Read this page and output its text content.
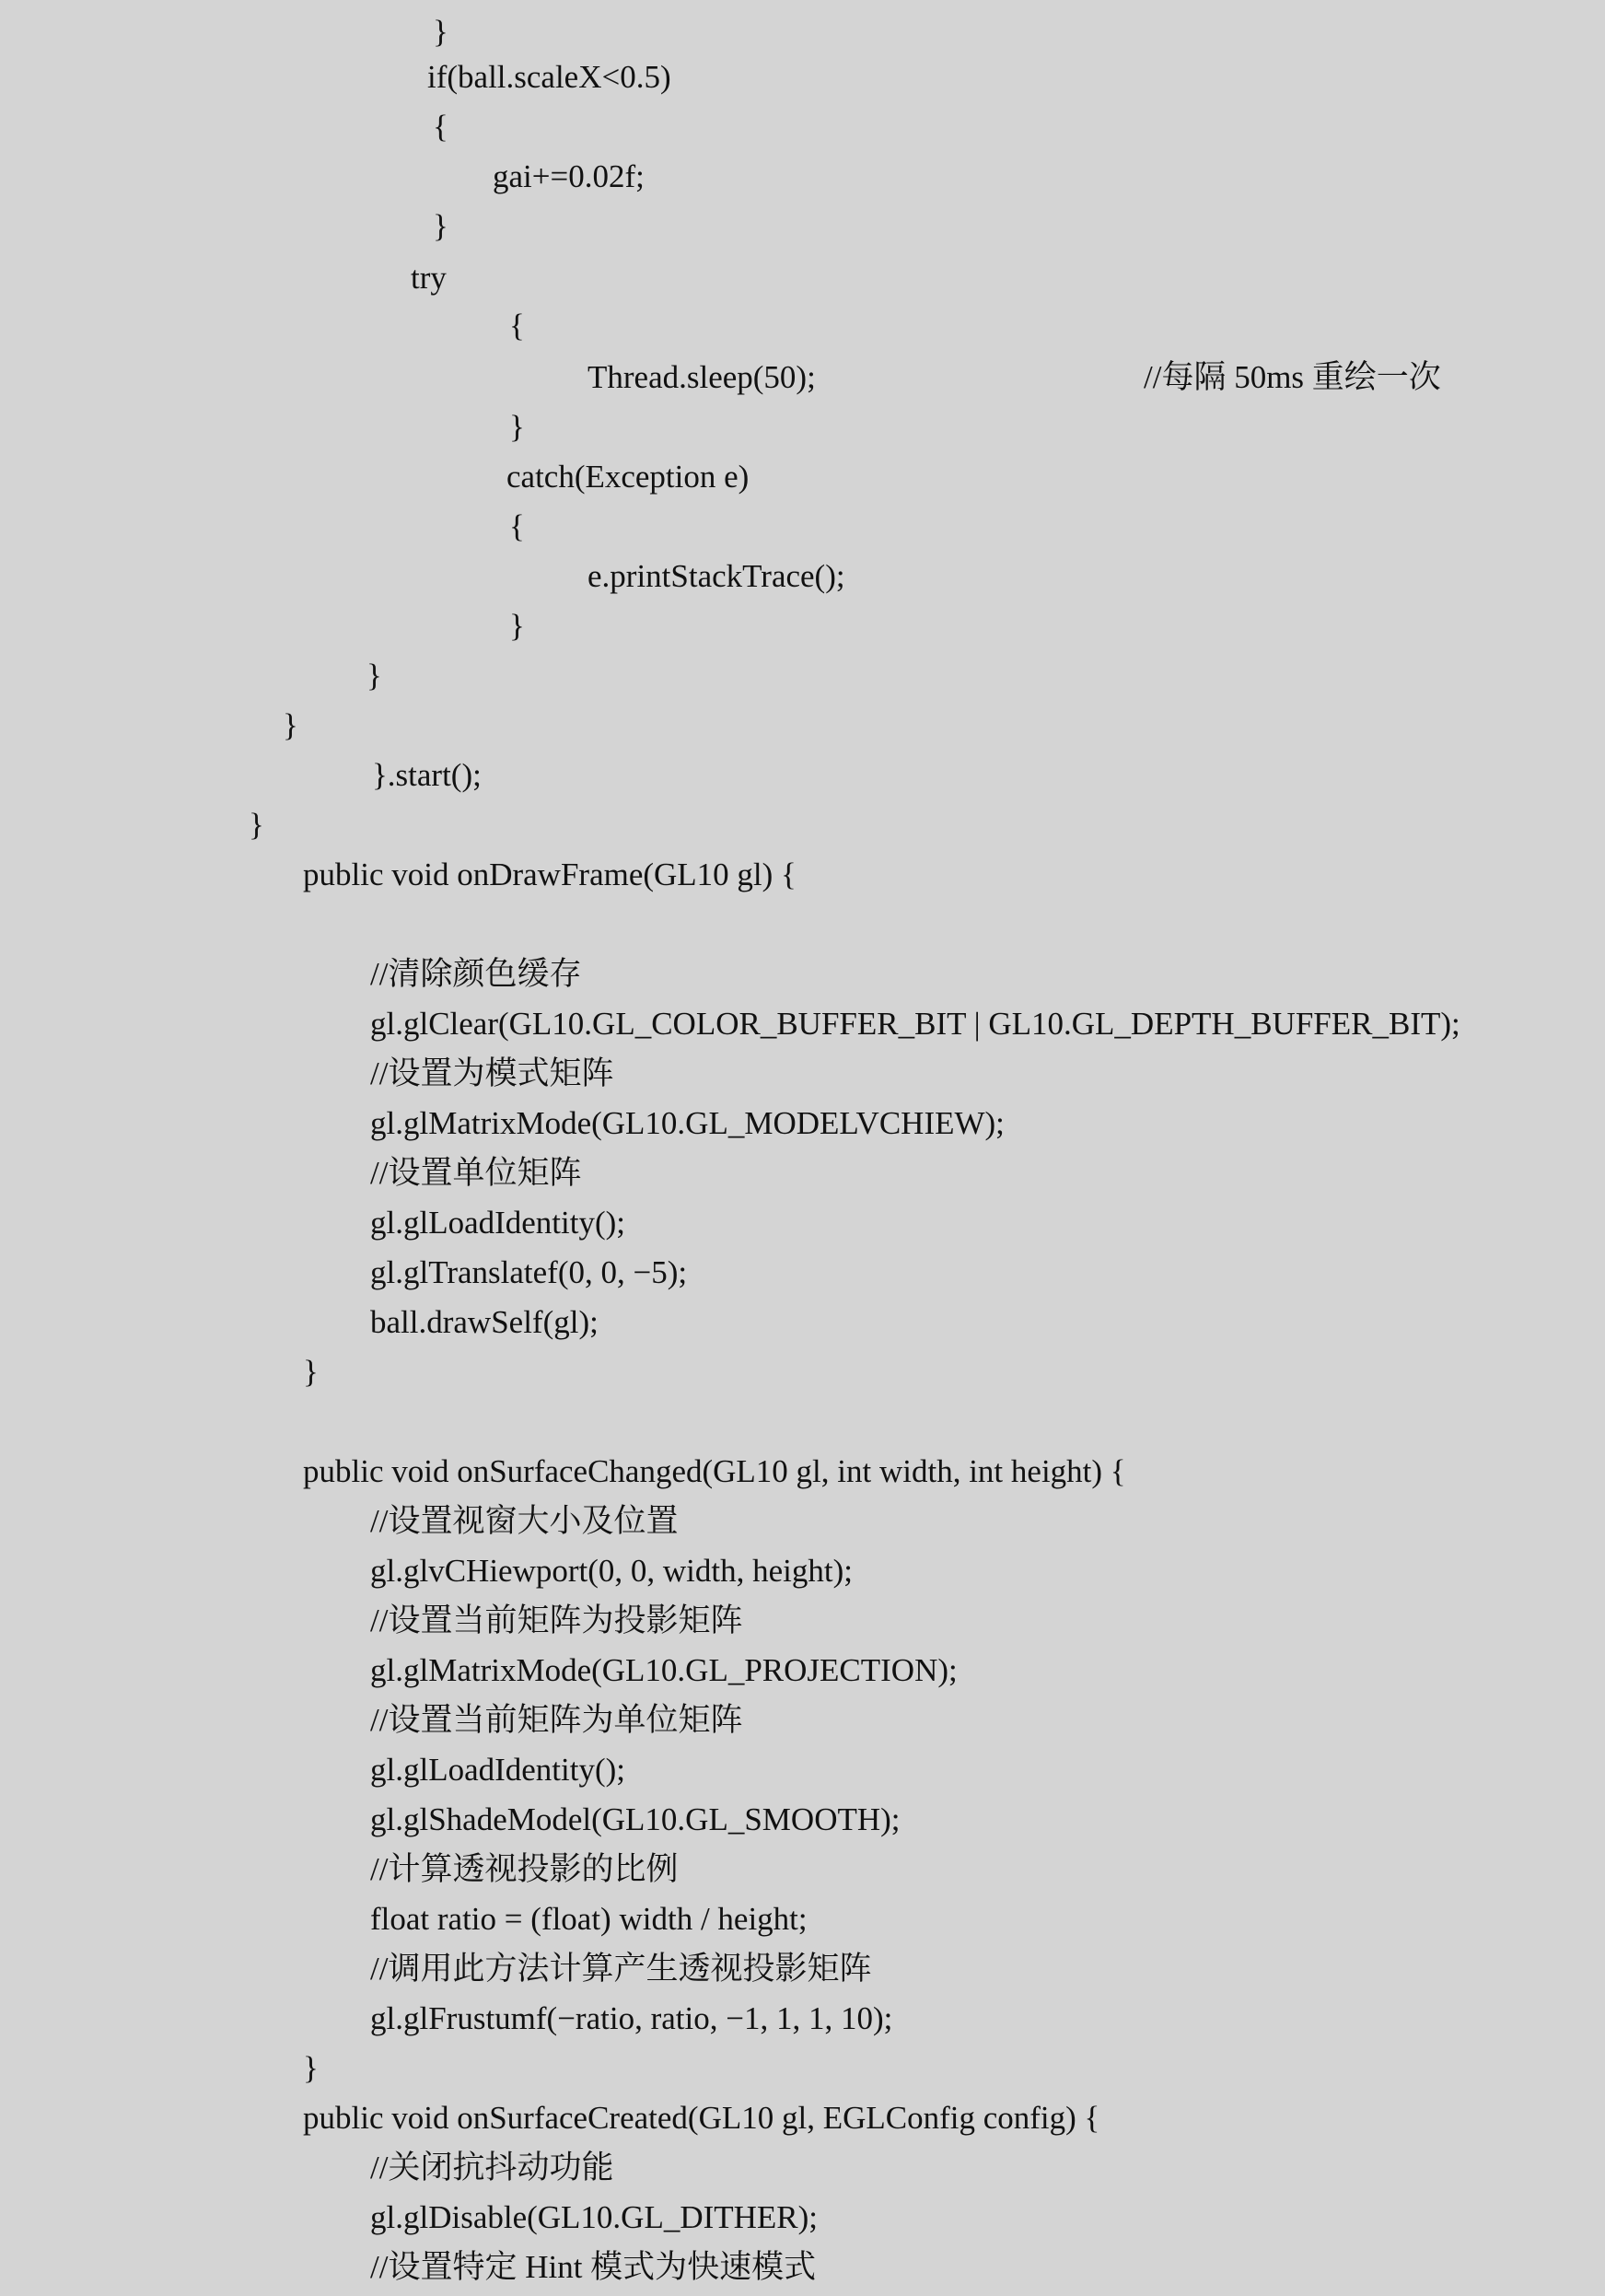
}
if(ball.scaleX<0.5)
{
gai+=0.02f;
}
try
{
Thread.sleep(50);	//每隔 50ms 重绘一次
}
catch(Exception e)
{
e.printStackTrace();
}
}
}
}.start();
}
public void onDrawFrame(GL10 gl) {
//清除颜色缓存
gl.glClear(GL10.GL_COLOR_BUFFER_BIT | GL10.GL_DEPTH_BUFFER_BIT);
//设置为模式矩阵
gl.glMatrixMode(GL10.GL_MODELVCHIEW);
//设置单位矩阵
gl.glLoadIdentity();
gl.glTranslatef(0, 0, −5);
ball.drawSelf(gl);
}
public void onSurfaceChanged(GL10 gl, int width, int height) {
//设置视窗大小及位置
gl.glvCHiewport(0, 0, width, height);
//设置当前矩阵为投影矩阵
gl.glMatrixMode(GL10.GL_PROJECTION);
//设置当前矩阵为单位矩阵
gl.glLoadIdentity();
gl.glShadeModel(GL10.GL_SMOOTH);
//计算透视投影的比例
float ratio = (float) width / height;
//调用此方法计算产生透视投影矩阵
gl.glFrustumf(−ratio, ratio, −1, 1, 1, 10);
}
public void onSurfaceCreated(GL10 gl, EGLConfig config) {
//关闭抗抖动功能
gl.glDisable(GL10.GL_DITHER);
//设置特定 Hint 模式为快速模式
